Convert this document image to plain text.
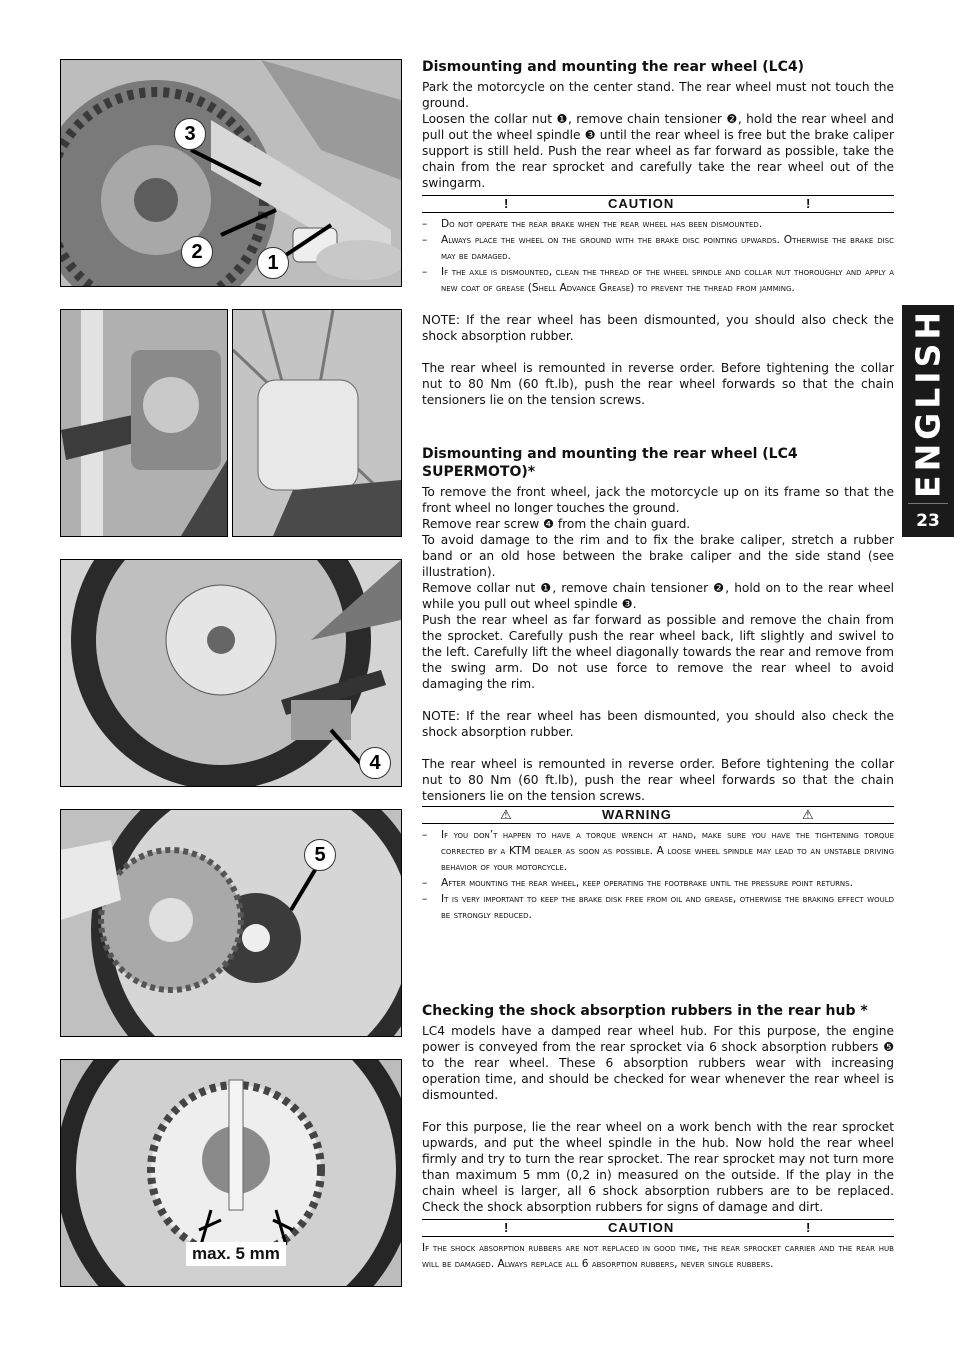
3
2	1
4
5
max. 5 mm
Dismounting and mounting the rear wheel (LC4)

Park the motorcycle on the center stand. The rear wheel must not touch the ground.

Loosen the collar nut ❶, remove chain tensioner ❷, hold the rear wheel and pull out the wheel spindle ❸ until the rear wheel is free but the brake caliper support is still held. Push the rear wheel as far forward as possible, take the chain from the rear sprocket and carefully take the rear wheel out of the swingarm.

!	CAUTION	!
–	Do not operate the rear brake when the rear wheel has been dismounted.
–	Always place the wheel on the ground with the brake disc pointing upwards. Otherwise the brake disc may be damaged.
–	If the axle is dismounted, clean the thread of the wheel spindle and collar nut thoroughly and apply a new coat of grease (Shell Advance Grease) to prevent the thread from jamming.

NOTE: If the rear wheel has been dismounted, you should also check the shock absorption rubber.

The rear wheel is remounted in reverse order. Before tightening the collar nut to 80 Nm (60 ft.lb), push the rear wheel forwards so that the chain tensioners lie on the tension screws.

Dismounting and mounting the rear wheel (LC4 SUPERMOTO)*

To remove the front wheel, jack the motorcycle up on its frame so that the front wheel no longer touches the ground.

Remove rear screw ❹ from the chain guard.

To avoid damage to the rim and to fix the brake caliper, stretch a rubber band or an old hose between the brake caliper and the side stand (see illustration).

Remove collar nut ❶, remove chain tensioner ❷, hold on to the rear wheel while you pull out wheel spindle ❸.

Push the rear wheel as far forward as possible and remove the chain from the sprocket. Carefully push the rear wheel back, lift slightly and swivel to the left. Carefully lift the wheel diagonally towards the rear and remove from the swing arm. Do not use force to remove the rear wheel to avoid damaging the rim.

NOTE: If the rear wheel has been dismounted, you should also check the shock absorption rubber.

The rear wheel is remounted in reverse order. Before tightening the collar nut to 80 Nm (60 ft.lb), push the rear wheel forwards so that the chain tensioners lie on the tension screws.

⚠	WARNING	⚠
–	If you don’t happen to have a torque wrench at hand, make sure you have the tightening torque corrected by a KTM dealer as soon as possible. A loose wheel spindle may lead to an unstable driving behavior of your motorcycle.
–	After mounting the rear wheel, keep operating the footbrake until the pressure point returns.
–	It is very important to keep the brake disk free from oil and grease, otherwise the braking effect would be strongly reduced.
Checking the shock absorption rubbers in the rear hub *

LC4 models have a damped rear wheel hub. For this purpose, the engine power is conveyed from the rear sprocket via 6 shock absorption rubbers ❺ to the rear wheel. These 6 absorption rubbers wear with increasing operation time, and should be checked for wear whenever the rear wheel is dismounted.

For this purpose, lie the rear wheel on a work bench with the rear sprocket upwards, and put the wheel spindle in the hub. Now hold the rear wheel firmly and try to turn the rear sprocket. The rear sprocket may not turn more than maximum 5 mm (0,2 in) measured on the outside. If the play in the chain wheel is larger, all 6 shock absorption rubbers are to be replaced. Check the shock absorption rubbers for signs of damage and dirt.

!	CAUTION	!

If the shock absorption rubbers are not replaced in good time, the rear sprocket carrier and the rear hub will be damaged. Always replace all 6 absorption rubbers, never single rubbers.

ENGLISH
23
